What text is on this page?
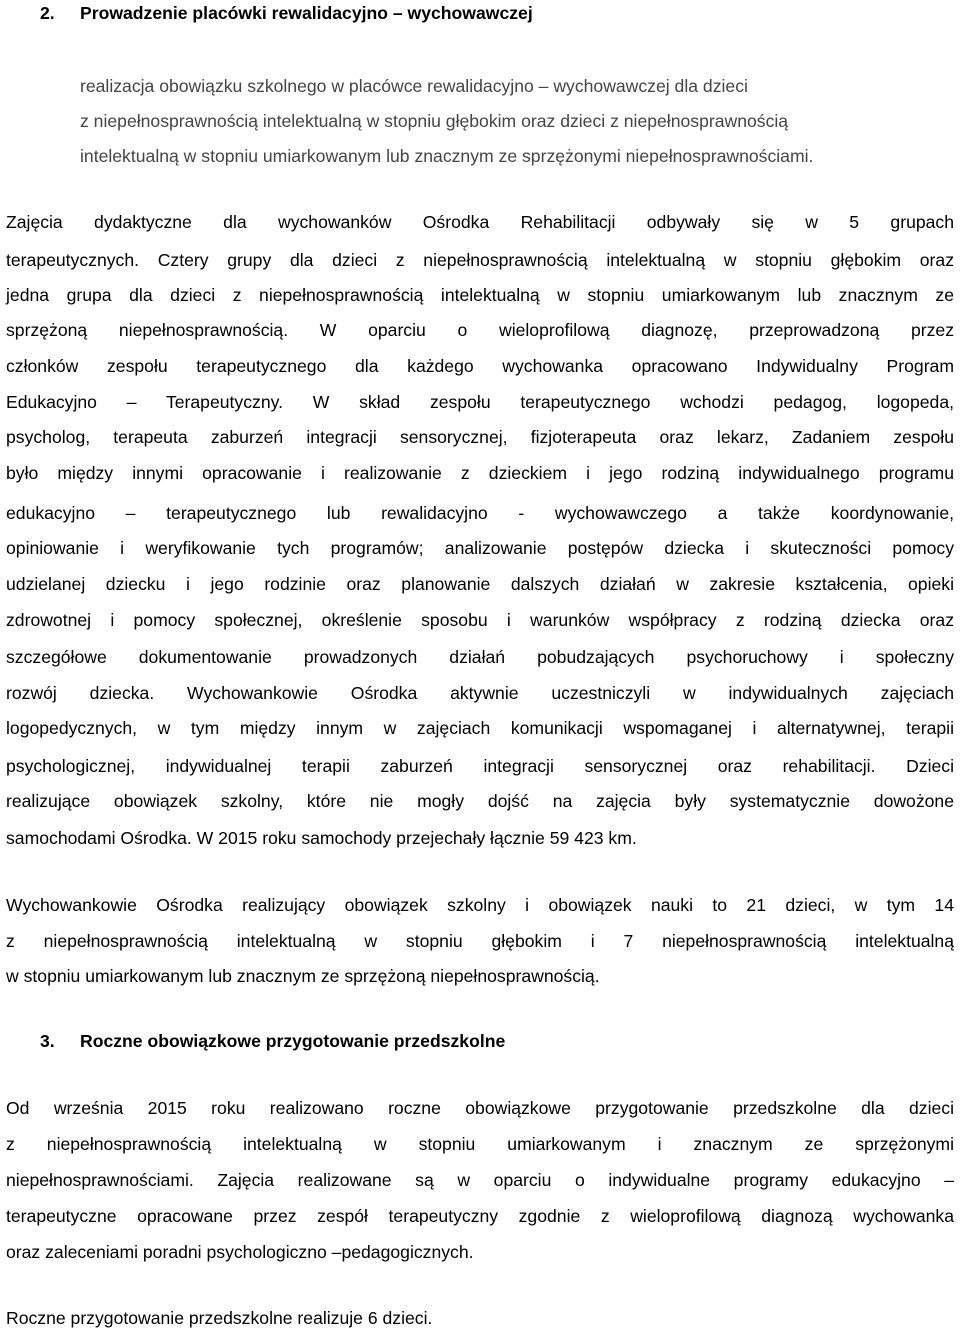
2. Prowadzenie placówki rewalidacyjno – wychowawczej
realizacja obowiązku szkolnego w placówce rewalidacyjno – wychowawczej dla dzieci
z niepełnosprawnością intelektualną w stopniu głębokim oraz dzieci z niepełnosprawnością
intelektualną w stopniu umiarkowanym lub znacznym ze sprzężonymi niepełnosprawnościami.
Zajęcia dydaktyczne dla wychowanków Ośrodka Rehabilitacji odbywały się w 5 grupach
terapeutycznych. Cztery grupy dla dzieci z niepełnosprawnością intelektualną w stopniu głębokim oraz
jedna grupa dla dzieci z niepełnosprawnością intelektualną w stopniu umiarkowanym lub znacznym ze
sprzężoną niepełnosprawnością. W oparciu o wieloprofilową diagnozę, przeprowadzoną przez
członków zespołu terapeutycznego dla każdego wychowanka opracowano Indywidualny Program
Edukacyjno – Terapeutyczny. W skład zespołu terapeutycznego wchodzi pedagog, logopeda,
psycholog, terapeuta zaburzeń integracji sensorycznej, fizjoterapeuta oraz lekarz, Zadaniem zespołu
było między innymi opracowanie i realizowanie z dzieckiem i jego rodziną indywidualnego programu
edukacyjno – terapeutycznego lub rewalidacyjno - wychowawczego a także koordynowanie,
opiniowanie i weryfikowanie tych programów; analizowanie postępów dziecka i skuteczności pomocy
udzielanej dziecku i jego rodzinie oraz planowanie dalszych działań w zakresie kształcenia, opieki
zdrowotnej i pomocy społecznej, określenie sposobu i warunków współpracy z rodziną dziecka oraz
szczegółowe dokumentowanie prowadzonych działań pobudzających psychoruchowy i społeczny
rozwój dziecka. Wychowankowie Ośrodka aktywnie uczestniczyli w indywidualnych zajęciach
logopedycznych, w tym między innym w zajęciach komunikacji wspomaganej i alternatywnej, terapii
psychologicznej, indywidualnej terapii zaburzeń integracji sensorycznej oraz rehabilitacji. Dzieci
realizujące obowiązek szkolny, które nie mogły dojść na zajęcia były systematycznie dowożone
samochodami Ośrodka. W 2015 roku samochody przejechały łącznie 59 423 km.
Wychowankowie Ośrodka realizujący obowiązek szkolny i obowiązek nauki to 21 dzieci, w tym 14
z niepełnosprawnością intelektualną w stopniu głębokim i 7 niepełnosprawnością intelektualną
w stopniu umiarkowanym lub znacznym ze sprzężoną niepełnosprawnością.
3. Roczne obowiązkowe przygotowanie przedszkolne
Od września 2015 roku realizowano roczne obowiązkowe przygotowanie przedszkolne dla dzieci
z niepełnosprawnością intelektualną w stopniu umiarkowanym i znacznym ze sprzężonymi
niepełnosprawnościami. Zajęcia realizowane są w oparciu o indywidualne programy edukacyjno –
terapeutyczne opracowane przez zespół terapeutyczny zgodnie z wieloprofilową diagnozą wychowanka
oraz zaleceniami poradni psychologiczno –pedagogicznych.
Roczne przygotowanie przedszkolne realizuje 6 dzieci.
